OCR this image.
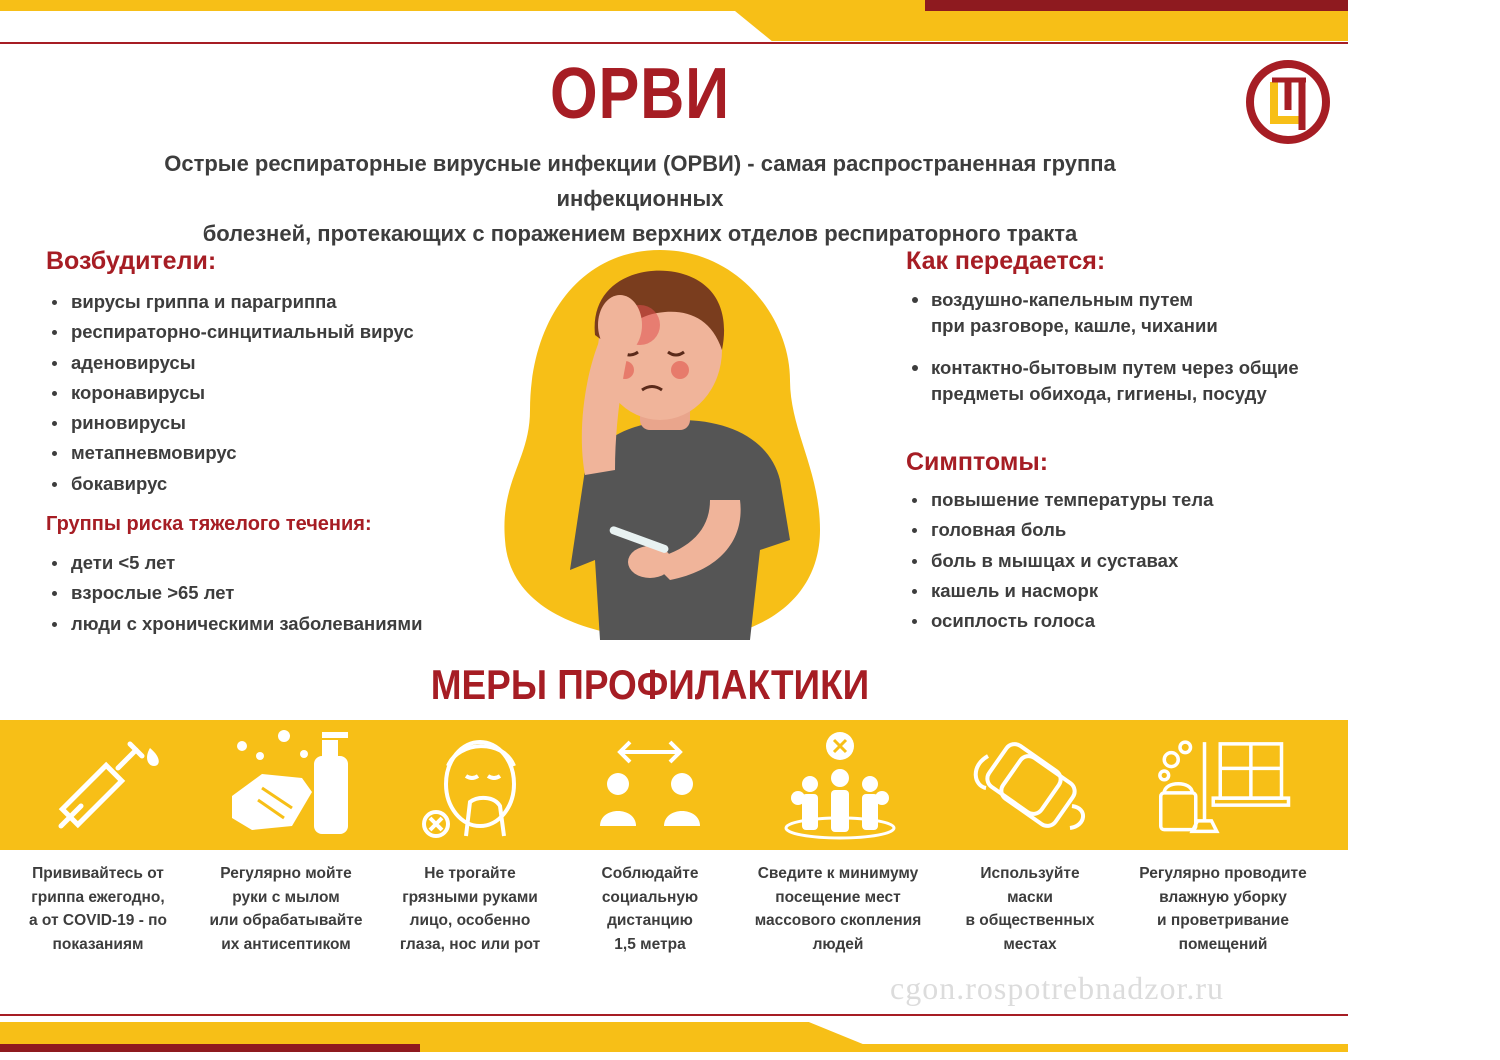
ОРВИ
Острые респираторные вирусные инфекции (ОРВИ) - самая распространенная группа инфекционных
болезней, протекающих с поражением верхних отделов респираторного тракта
Возбудители:
вирусы гриппа и парагриппа
респираторно-синцитиальный вирус
аденовирусы
коронавирусы
риновирусы
метапневмовирус
бокавирус
Группы риска тяжелого течения:
дети <5 лет
взрослые >65 лет
люди с хроническими заболеваниями
Как передается:
воздушно-капельным путем
при разговоре, кашле, чихании
контактно-бытовым путем через общие
предметы обихода, гигиены, посуду
Симптомы:
повышение температуры тела
головная боль
боль в мышцах и суставах
кашель и насморк
осиплость голоса
МЕРЫ ПРОФИЛАКТИКИ
Прививайтесь от
гриппа ежегодно,
а от COVID-19 - по
показаниям
Регулярно мойте
руки с мылом
или обрабатывайте
их антисептиком
Не трогайте
грязными руками
лицо, особенно
глаза, нос или рот
Соблюдайте
социальную
дистанцию
1,5 метра
Сведите к минимуму
посещение мест
массового скопления
людей
Используйте
маски
в общественных
местах
Регулярно проводите
влажную уборку
и проветривание
помещений
cgon.rospotrebnadzor.ru
